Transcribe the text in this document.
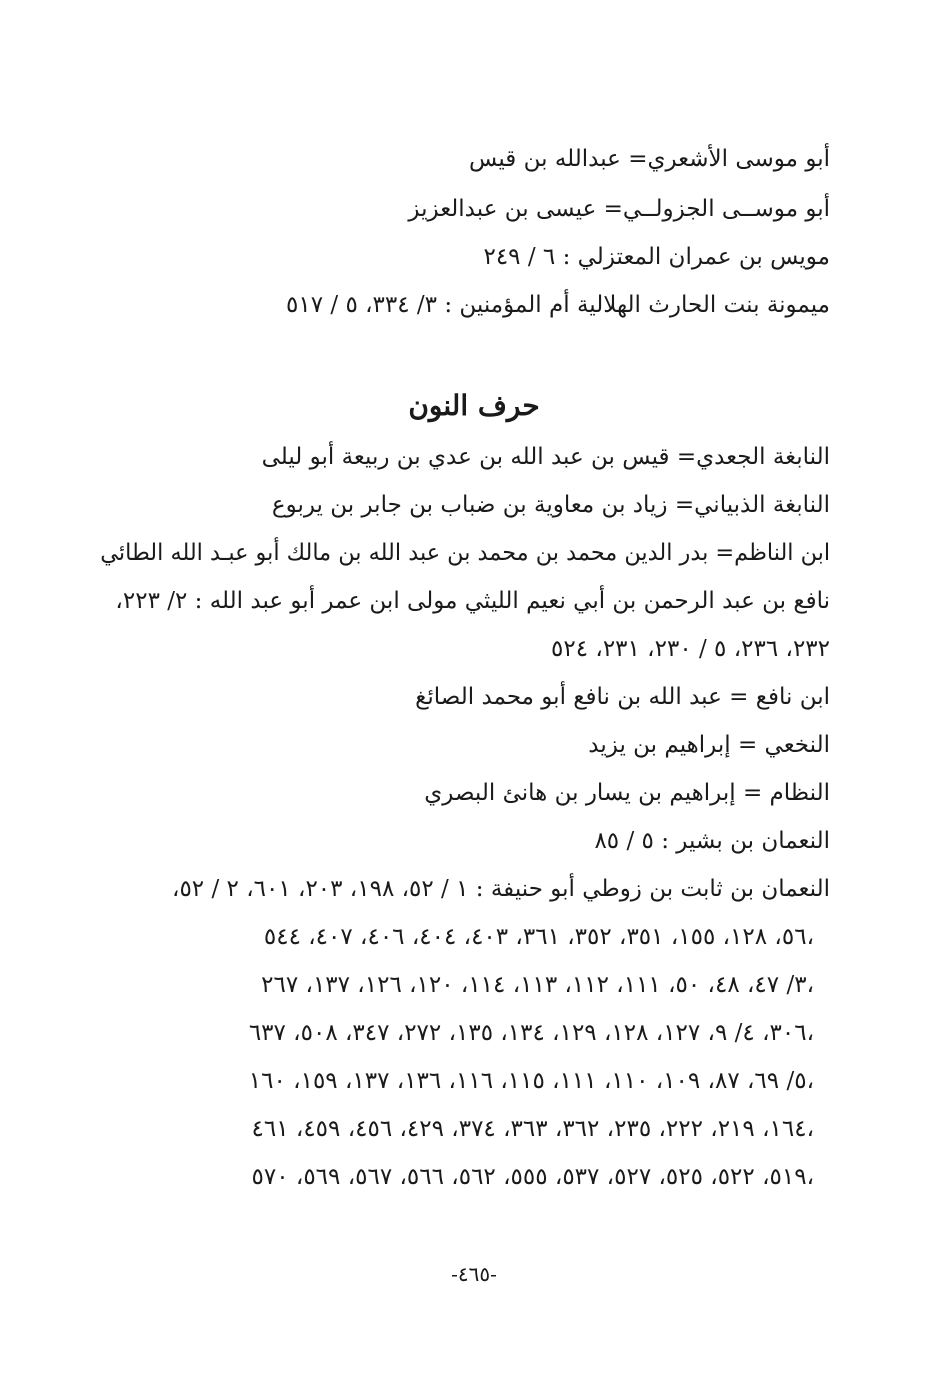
أبو موسى الأشعري= عبدالله بن قيس
أبو موســى الجزولــي= عيسى بن عبدالعزيز
مويس بن عمران المعتزلي : ٦ / ٢٤٩
ميمونة بنت الحارث الهلالية أم المؤمنين : ٣/ ٣٣٤، ٥ / ٥١٧
حرف النون
النابغة الجعدي= قيس بن عبد الله بن عدي بن ربيعة أبو ليلى
النابغة الذبياني= زياد بن معاوية بن ضباب بن جابر بن يربوع
ابن الناظم= بدر الدين محمد بن محمد بن عبد الله بن مالك أبو عبـد الله الطائي
نافع بن عبد الرحمن بن أبي نعيم الليثي مولى ابن عمر أبو عبد الله : ٢/ ٢٢٣،
٢٣٢، ٢٣٦، ٥ / ٢٣٠، ٢٣١، ٥٢٤
ابن نافع = عبد الله بن نافع أبو محمد الصائغ
النخعي = إبراهيم بن يزيد
النظام = إبراهيم بن يسار بن هانئ البصري
النعمان بن بشير : ٥ / ٨٥
النعمان بن ثابت بن زوطي أبو حنيفة : ١ / ٥٢، ١٩٨، ٢٠٣، ٦٠١، ٢ / ٥٢،
٥٦، ١٢٨، ١٥٥، ٣٥١، ٣٥٢، ٣٦١، ٤٠٣، ٤٠٤، ٤٠٦، ٤٠٧، ٥٤٤،
٣/ ٤٧، ٤٨، ٥٠، ١١١، ١١٢، ١١٣، ١١٤، ١٢٠، ١٢٦، ١٣٧، ٢٦٧،
٣٠٦، ٤/ ٩، ١٢٧، ١٢٨، ١٢٩، ١٣٤، ١٣٥، ٢٧٢، ٣٤٧، ٥٠٨، ٦٣٧،
٥/ ٦٩، ٨٧، ١٠٩، ١١٠، ١١١، ١١٥، ١١٦، ١٣٦، ١٣٧، ١٥٩، ١٦٠،
١٦٤، ٢١٩، ٢٢٢، ٢٣٥، ٣٦٢، ٣٦٣، ٣٧٤، ٤٢٩، ٤٥٦، ٤٥٩، ٤٦١،
٥١٩، ٥٢٢، ٥٢٥، ٥٢٧، ٥٣٧، ٥٥٥، ٥٦٢، ٥٦٦، ٥٦٧، ٥٦٩، ٥٧٠،
-٤٦٥-
